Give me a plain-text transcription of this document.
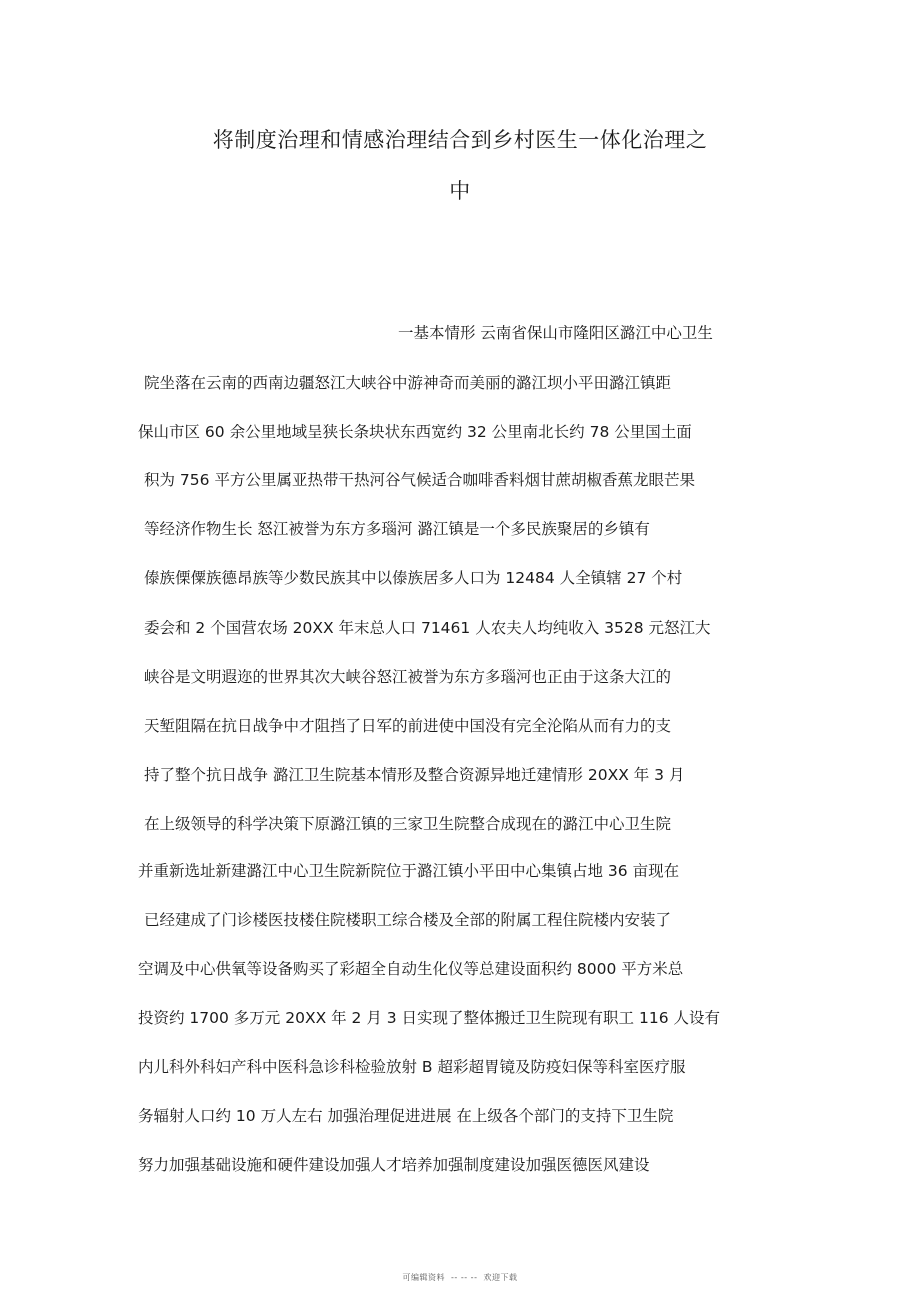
将制度治理和情感治理结合到乡村医生一体化治理之
中
一基本情形 云南省保山市隆阳区潞江中心卫生
院坐落在云南的西南边疆怒江大峡谷中游神奇而美丽的潞江坝小平田潞江镇距
保山市区 60 余公里地域呈狭长条块状东西宽约 32 公里南北长约 78 公里国土面
积为 756 平方公里属亚热带干热河谷气候适合咖啡香料烟甘蔗胡椒香蕉龙眼芒果
等经济作物生长 怒江被誉为东方多瑙河 潞江镇是一个多民族聚居的乡镇有
傣族傈僳族德昂族等少数民族其中以傣族居多人口为 12484 人全镇辖 27 个村
委会和 2 个国营农场 20XX 年末总人口 71461 人农夫人均纯收入 3528 元怒江大
峡谷是文明遐迩的世界其次大峡谷怒江被誉为东方多瑙河也正由于这条大江的
天堑阻隔在抗日战争中才阻挡了日军的前进使中国没有完全沦陷从而有力的支
持了整个抗日战争 潞江卫生院基本情形及整合资源异地迁建情形 20XX 年 3 月
在上级领导的科学决策下原潞江镇的三家卫生院整合成现在的潞江中心卫生院
并重新选址新建潞江中心卫生院新院位于潞江镇小平田中心集镇占地 36 亩现在
已经建成了门诊楼医技楼住院楼职工综合楼及全部的附属工程住院楼内安装了
空调及中心供氧等设备购买了彩超全自动生化仪等总建设面积约 8000 平方米总
投资约 1700 多万元 20XX 年 2 月 3 日实现了整体搬迁卫生院现有职工 116 人设有
内儿科外科妇产科中医科急诊科检验放射 B 超彩超胃镜及防疫妇保等科室医疗服
务辐射人口约 10 万人左右 加强治理促进进展 在上级各个部门的支持下卫生院
努力加强基础设施和硬件建设加强人才培养加强制度建设加强医德医风建设
可编辑资料 -- -- -- 欢迎下载
